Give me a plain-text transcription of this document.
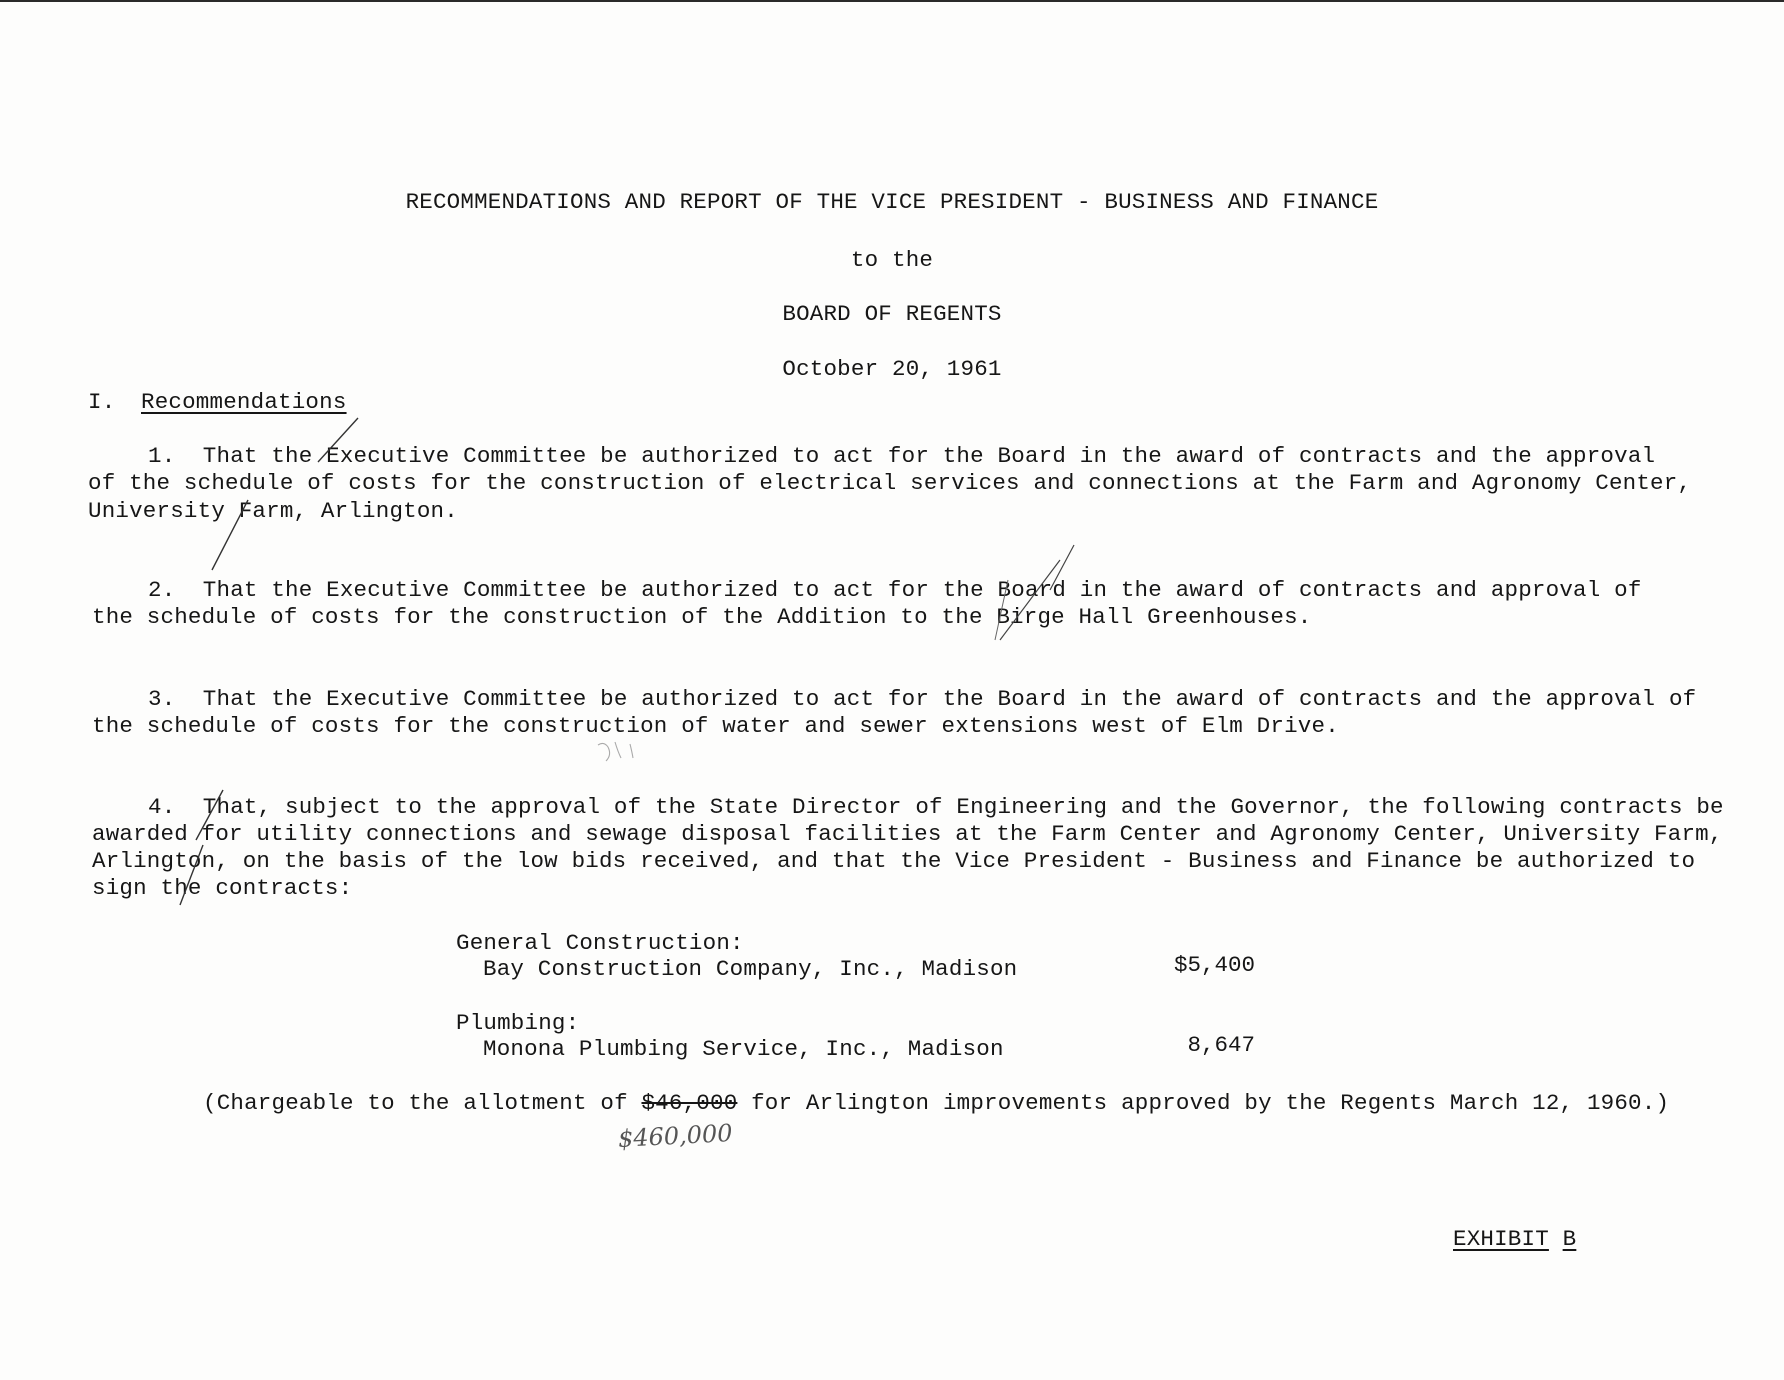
RECOMMENDATIONS AND REPORT OF THE VICE PRESIDENT - BUSINESS AND FINANCE
to the
BOARD OF REGENTS
October 20, 1961
I. Recommendations
1.  That the Executive Committee be authorized to act for the Board in the award of contracts and the approval
of the schedule of costs for the construction of electrical services and connections at the Farm and Agronomy Center,
University Farm, Arlington.
2.  That the Executive Committee be authorized to act for the Board in the award of contracts and approval of
the schedule of costs for the construction of the Addition to the Birge Hall Greenhouses.
3.  That the Executive Committee be authorized to act for the Board in the award of contracts and the approval of
the schedule of costs for the construction of water and sewer extensions west of Elm Drive.
4.  That, subject to the approval of the State Director of Engineering and the Governor, the following contracts be
awarded for utility connections and sewage disposal facilities at the Farm Center and Agronomy Center, University Farm,
Arlington, on the basis of the low bids received, and that the Vice President - Business and Finance be authorized to
sign the contracts:
General Construction:
Bay Construction Company, Inc., Madison	$5,400
Plumbing:
Monona Plumbing Service, Inc., Madison	8,647
(Chargeable to the allotment of $46,000 for Arlington improvements approved by the Regents March 12, 1960.)
$460,000
EXHIBIT B
